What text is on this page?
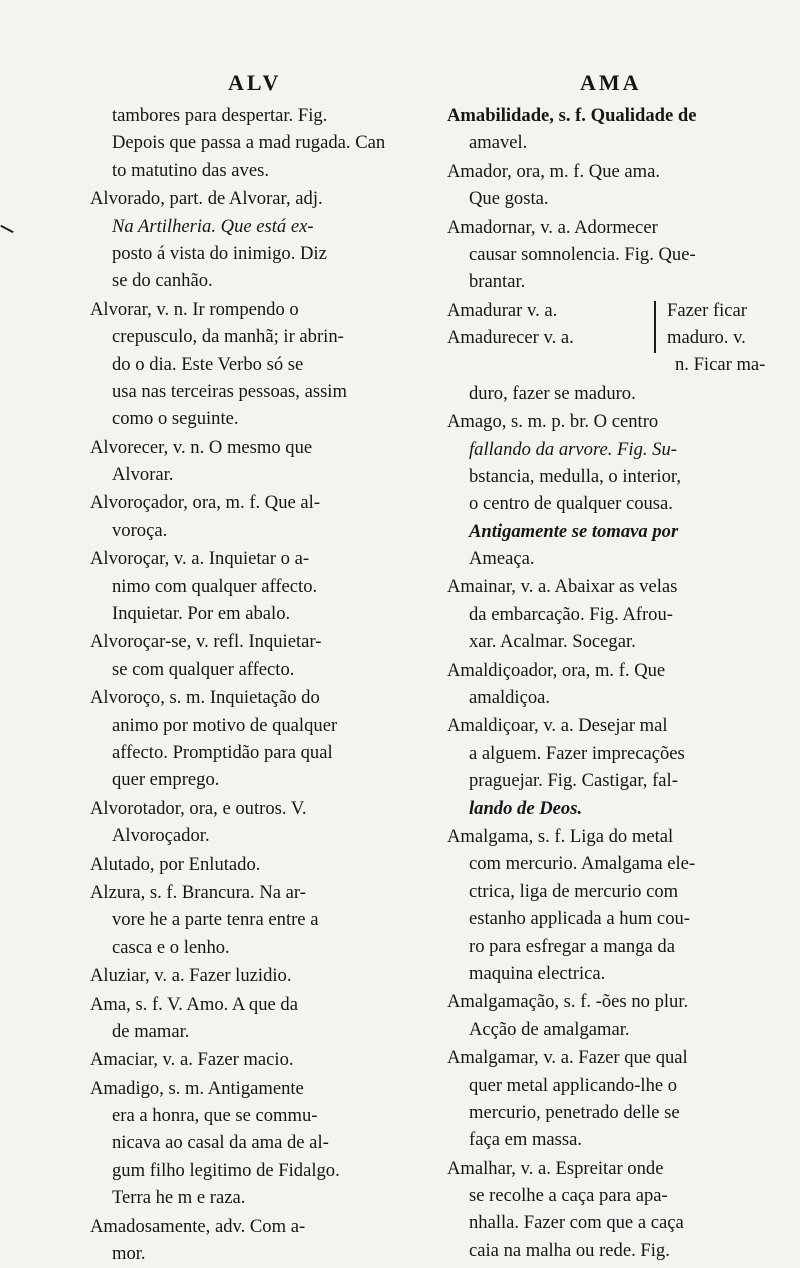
ALV	AMA
tambores para despertar. Fig.
Depois que passa a mad rugada. Can
to matutino das aves.
Alvorado, part. de Alvorar, adj.
Na Artilheria. Que está ex-
posto á vista do inimigo. Diz
se do canhão.
Alvorar, v. n. Ir rompendo o
crepusculo, da manhã; ir abrin-
do o dia. Este Verbo só se
usa nas terceiras pessoas, assim
como o seguinte.
Alvorecer, v. n. O mesmo que
Alvorar.
Alvoroçador, ora, m. f. Que al-
voroça.
Alvoroçar, v. a. Inquietar o a-
nimo com qualquer affecto.
Inquietar. Por em abalo.
Alvoroçar-se, v. refl. Inquietar-
se com qualquer affecto.
Alvoroço, s. m. Inquietação do
animo por motivo de qualquer
affecto. Promptidão para qual
quer emprego.
Alvorotador, ora, e outros. V.
Alvoroçador.
Alutado, por Enlutado.
Alzura, s. f. Brancura. Na ar-
vore he a parte tenra entre a
casca e o lenho.
Aluziar, v. a. Fazer luzidio.
Ama, s. f. V. Amo. A que da
de mamar.
Amaciar, v. a. Fazer macio.
Amadigo, s. m. Antigamente
era a honra, que se commu-
nicava ao casal da ama de al-
gum filho legitimo de Fidalgo.
Terra he m e raza.
Amadosamente, adv. Com a-
mor.
Amabilidade, s. f. Qualidade de
amavel.
Amador, ora, m. f. Que ama.
Que gosta.
Amadornar, v. a. Adormecer
causar somnolencia. Fig. Que-
brantar.
Amadurar v. a.
Amadurecer v. a.
Fazer ficar
maduro. v.
n. Ficar ma-
duro, fazer se maduro.
Amago, s. m. p. br. O centro
fallando da arvore. Fig. Su-
bstancia, medulla, o interior,
o centro de qualquer cousa.
Antigamente se tomava por
Ameaça.
Amainar, v. a. Abaixar as velas
da embarcação. Fig. Afrou-
xar. Acalmar. Socegar.
Amaldiçoador, ora, m. f. Que
amaldiçoa.
Amaldiçoar, v. a. Desejar mal
a alguem. Fazer imprecações
praguejar. Fig. Castigar, fal-
lando de Deos.
Amalgama, s. f. Liga do metal
com mercurio. Amalgama ele-
ctrica, liga de mercurio com
estanho applicada a hum cou-
ro para esfregar a manga da
maquina electrica.
Amalgamação, s. f. -ões no plur.
Acção de amalgamar.
Amalgamar, v. a. Fazer que qual
quer metal applicando-lhe o
mercurio, penetrado delle se
faça em massa.
Amalhar, v. a. Espreitar onde
se recolhe a caça para apa-
nhalla. Fazer com que a caça
caia na malha ou rede. Fig.
